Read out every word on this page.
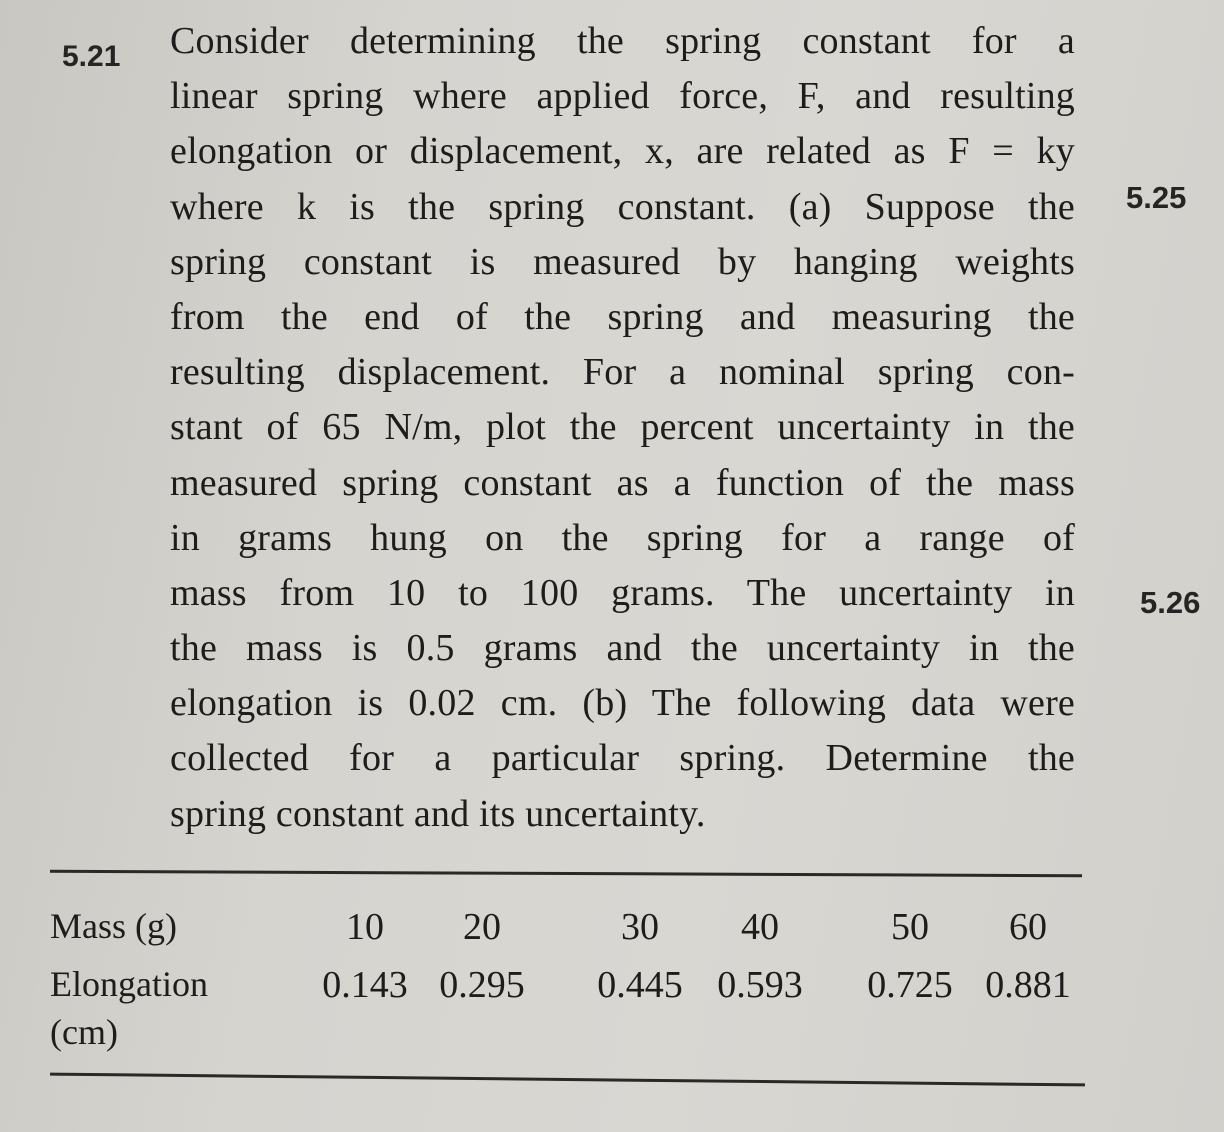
5.21 Consider determining the spring constant for a
linear spring where applied force, F, and resulting
elongation or displacement, x, are related as F = ky
where k is the spring constant. (a) Suppose the
spring constant is measured by hanging weights
from the end of the spring and measuring the
resulting displacement. For a nominal spring con-
stant of 65 N/m, plot the percent uncertainty in the
measured spring constant as a function of the mass
in grams hung on the spring for a range of
mass from 10 to 100 grams. The uncertainty in
the mass is 0.5 grams and the uncertainty in the
elongation is 0.02 cm. (b) The following data were
collected for a particular spring. Determine the
spring constant and its uncertainty.
5.25
5.26
Mass (g)	10	20	30	40	50	60
Elongation	0.143 0.295	0.445 0.593	0.725 0.881
(cm)
